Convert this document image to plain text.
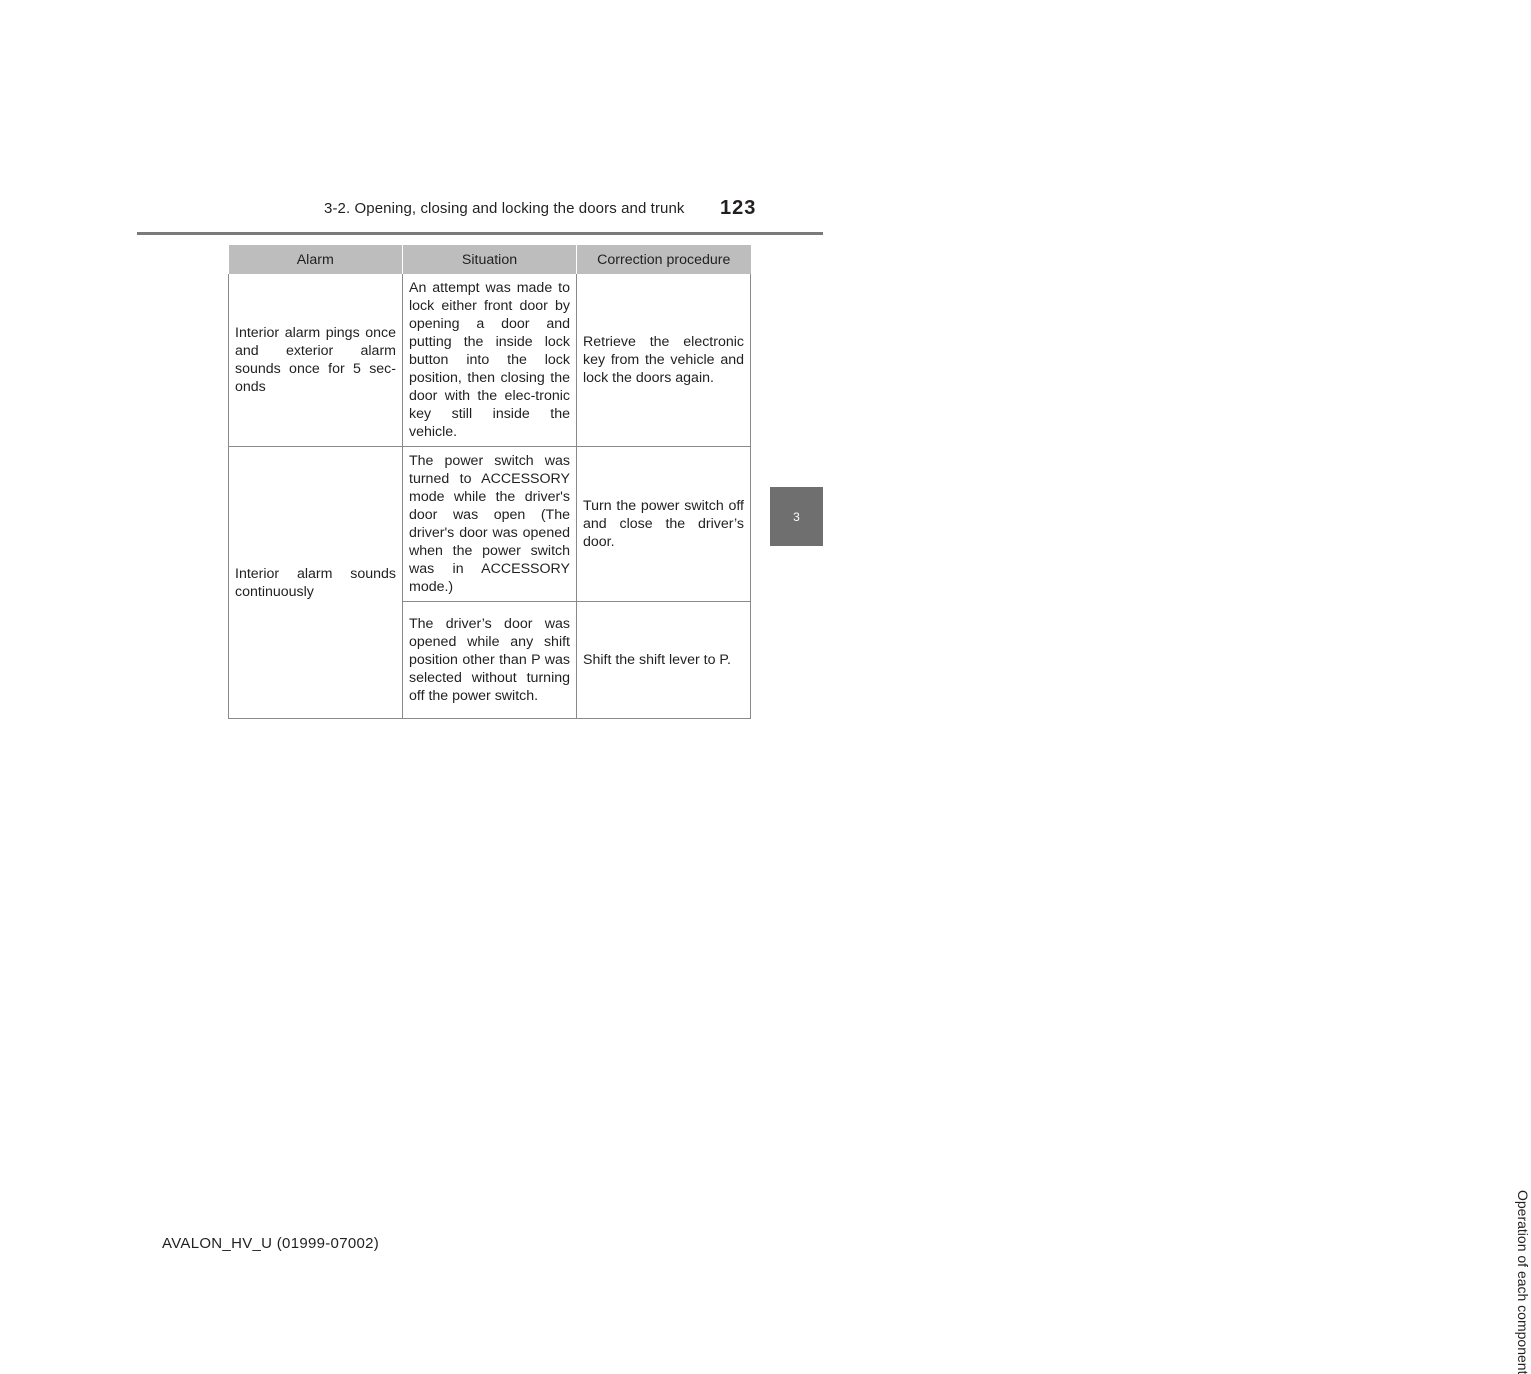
3-2. Opening, closing and locking the doors and trunk 123
3
Operation of each component
Alarm	Situation	Correction procedure
Interior alarm pings once and exterior alarm sounds once for 5 sec-onds	An attempt was made to lock either front door by opening a door and putting the inside lock button into the lock position, then closing the door with the elec-tronic key still inside the vehicle.	Retrieve the electronic key from the vehicle and lock the doors again.
Interior alarm sounds continuously	The power switch was turned to ACCESSORY mode while the driver's door was open (The driver's door was opened when the power switch was in ACCESSORY mode.)	Turn the power switch off and close the driver’s door.
	The driver’s door was opened while any shift position other than P was selected without turning off the power switch.	Shift the shift lever to P.
AVALON_HV_U (01999-07002)
